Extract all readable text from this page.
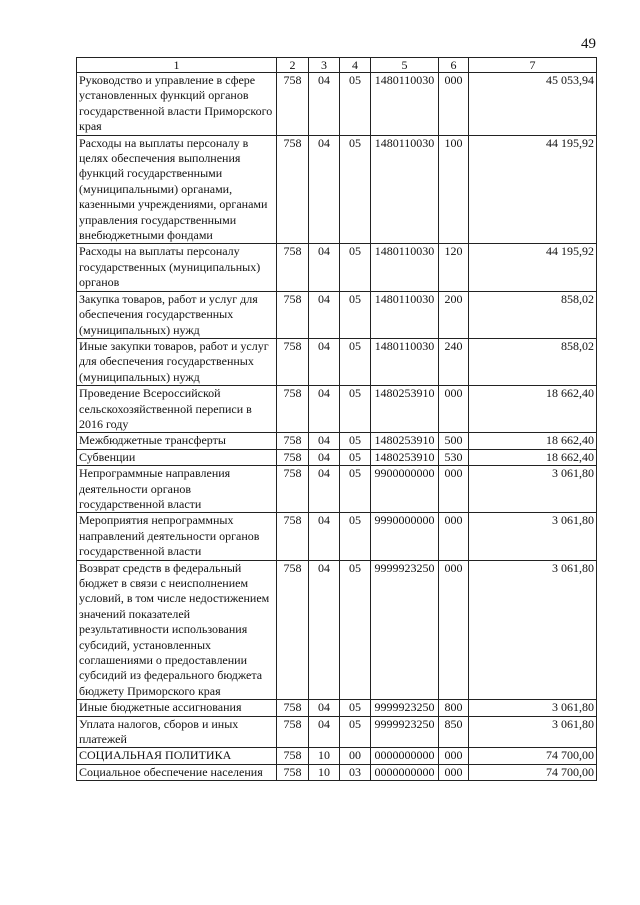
49
1	2	3	4	5	6	7
Руководство и управление в сфере установленных функций органов государственной власти Приморского края	758	04	05	1480110030	000	45 053,94
Расходы на выплаты персоналу в целях обеспечения выполнения функций государственными (муниципальными) органами, казенными учреждениями, органами управления государственными внебюджетными фондами	758	04	05	1480110030	100	44 195,92
Расходы на выплаты персоналу государственных (муниципальных) органов	758	04	05	1480110030	120	44 195,92
Закупка товаров, работ и услуг для обеспечения государственных (муниципальных) нужд	758	04	05	1480110030	200	858,02
Иные закупки товаров, работ и услуг для обеспечения государственных (муниципальных) нужд	758	04	05	1480110030	240	858,02
Проведение Всероссийской сельскохозяйственной переписи в 2016 году	758	04	05	1480253910	000	18 662,40
Межбюджетные трансферты	758	04	05	1480253910	500	18 662,40
Субвенции	758	04	05	1480253910	530	18 662,40
Непрограммные направления деятельности органов государственной власти	758	04	05	9900000000	000	3 061,80
Мероприятия непрограммных направлений деятельности органов государственной власти	758	04	05	9990000000	000	3 061,80
Возврат средств в федеральный бюджет в связи с неисполнением условий, в том числе недостижением значений показателей результативности использования субсидий, установленных соглашениями о предоставлении субсидий из федерального бюджета бюджету Приморского края	758	04	05	9999923250	000	3 061,80
Иные бюджетные ассигнования	758	04	05	9999923250	800	3 061,80
Уплата налогов, сборов и иных платежей	758	04	05	9999923250	850	3 061,80
СОЦИАЛЬНАЯ ПОЛИТИКА	758	10	00	0000000000	000	74 700,00
Социальное обеспечение населения	758	10	03	0000000000	000	74 700,00
